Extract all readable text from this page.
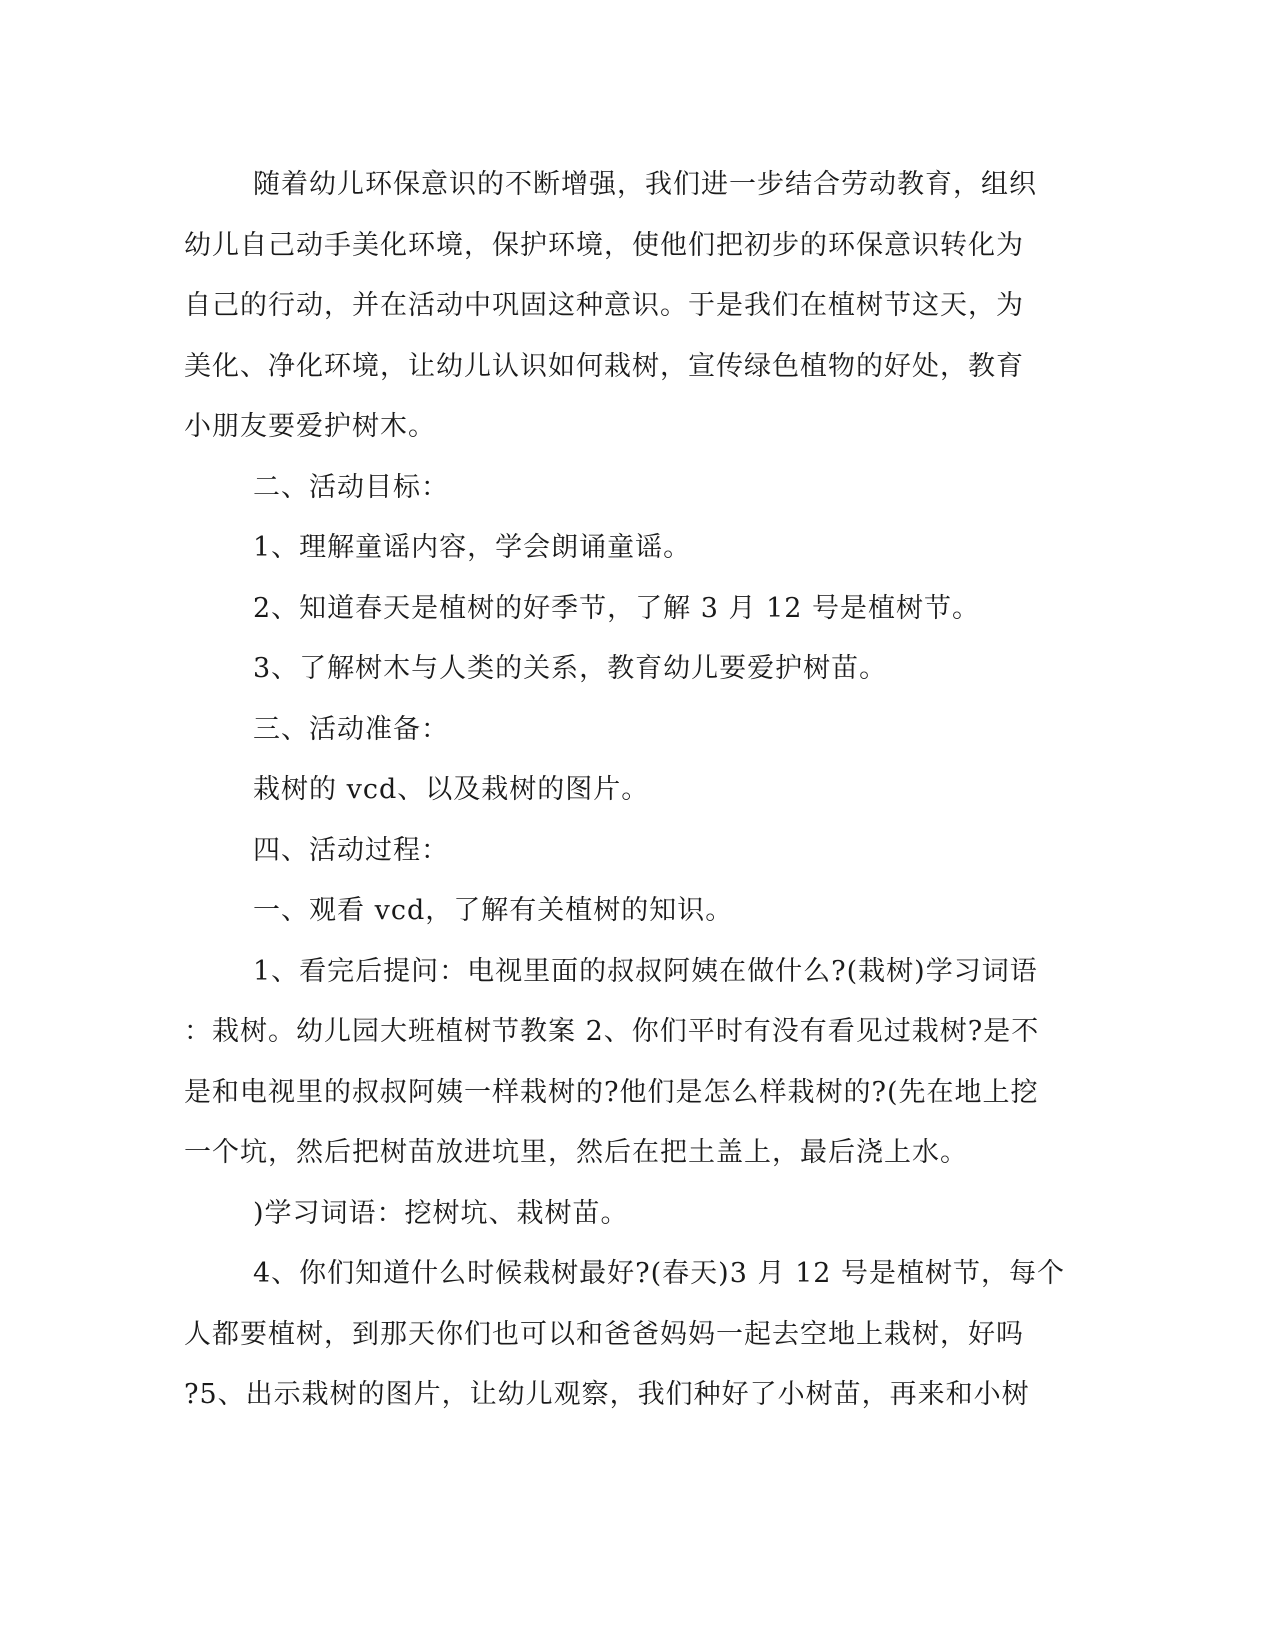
随着幼儿环保意识的不断增强，我们进一步结合劳动教育，组织
幼儿自己动手美化环境，保护环境，使他们把初步的环保意识转化为
自己的行动，并在活动中巩固这种意识。于是我们在植树节这天，为
美化、净化环境，让幼儿认识如何栽树，宣传绿色植物的好处，教育
小朋友要爱护树木。
二、活动目标：
1、理解童谣内容，学会朗诵童谣。
2、知道春天是植树的好季节，了解 3 月 12 号是植树节。
3、了解树木与人类的关系，教育幼儿要爱护树苗。
三、活动准备：
栽树的 vcd、以及栽树的图片。
四、活动过程：
一、观看 vcd，了解有关植树的知识。
1、看完后提问：电视里面的叔叔阿姨在做什么?(栽树)学习词语
：栽树。幼儿园大班植树节教案 2、你们平时有没有看见过栽树?是不
是和电视里的叔叔阿姨一样栽树的?他们是怎么样栽树的?(先在地上挖
一个坑，然后把树苗放进坑里，然后在把土盖上，最后浇上水。
)学习词语：挖树坑、栽树苗。
4、你们知道什么时候栽树最好?(春天)3 月 12 号是植树节，每个
人都要植树，到那天你们也可以和爸爸妈妈一起去空地上栽树，好吗
?5、出示栽树的图片，让幼儿观察，我们种好了小树苗，再来和小树
